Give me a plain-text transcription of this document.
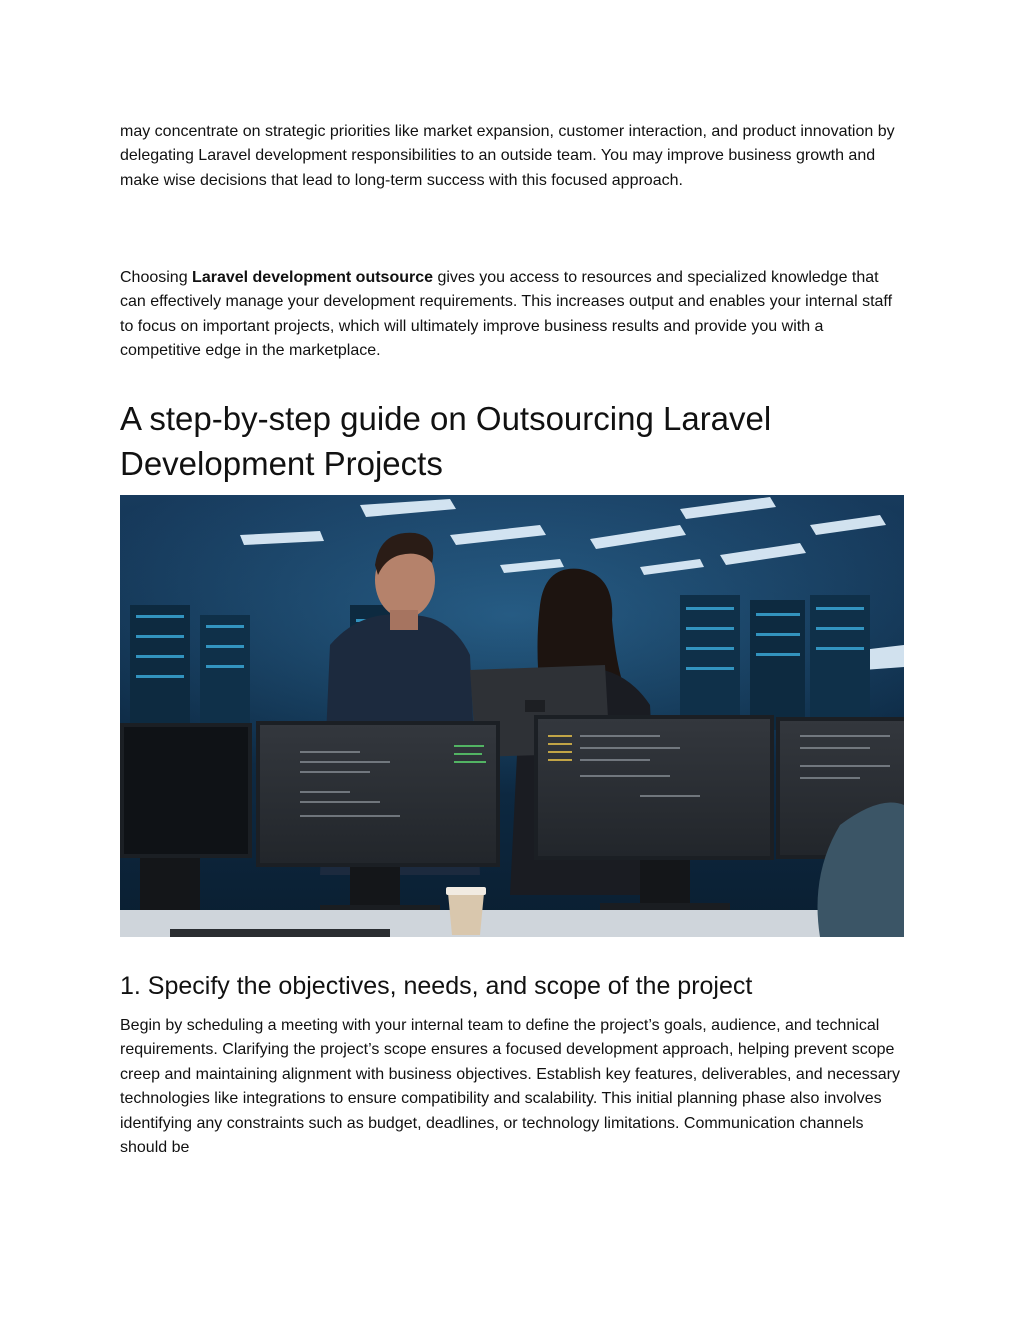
may concentrate on strategic priorities like market expansion, customer interaction, and product innovation by delegating Laravel development responsibilities to an outside team. You may improve business growth and make wise decisions that lead to long-term success with this focused approach.

Choosing Laravel development outsource gives you access to resources and specialized knowledge that can effectively manage your development requirements. This increases output and enables your internal staff to focus on important projects, which will ultimately improve business results and provide you with a competitive edge in the marketplace.

A step-by-step guide on Outsourcing Laravel Development Projects
1. Specify the objectives, needs, and scope of the project

Begin by scheduling a meeting with your internal team to define the project’s goals, audience, and technical requirements. Clarifying the project’s scope ensures a focused development approach, helping prevent scope creep and maintaining alignment with business objectives. Establish key features, deliverables, and necessary technologies like integrations to ensure compatibility and scalability. This initial planning phase also involves identifying any constraints such as budget, deadlines, or technology limitations. Communication channels should be
